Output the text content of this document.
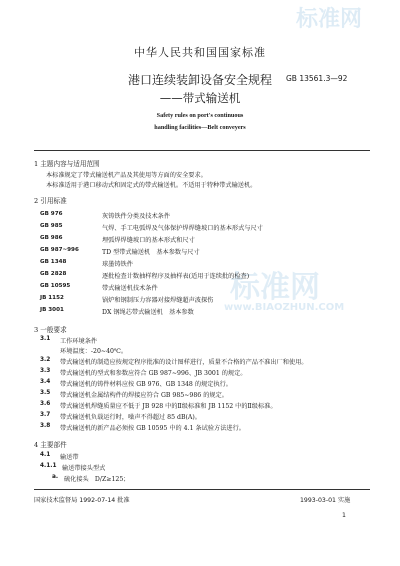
标准网
www.BIAOZHUN.COM
标准网
中华人民共和国国家标准
港口连续装卸设备安全规程	GB 13561.3—92
——带式输送机
Safety rules on port's continuous
handling facilities—Belt conveyers
1 主题内容与适用范围
本标准规定了带式输送机产品及其使用等方面的安全要求。
本标准适用于港口移动式和固定式的带式输送机。不适用于特种带式输送机。
2 引用标准
GB 976	灰铸铁件分类及技术条件
GB 985	气焊、手工电弧焊及气体保护焊焊缝坡口的基本形式与尺寸
GB 986	埋弧焊焊缝坡口的基本形式和尺寸
GB 987~996	TD 型带式输送机　基本参数与尺寸
GB 1348	球墨铸铁件
GB 2828	逐批检查计数抽样程序及抽样表(适用于连续批的检查)
GB 10595	带式输送机技术条件
JB 1152	锅炉和钢制压力容器对接焊缝超声波探伤
JB 3001	DX 钢绳芯带式输送机　基本参数
3 一般要求
3.1 工作环境条件
环境温度：-20~40℃。
3.2 带式输送机的制造应按规定程序批准的设计图样进行，质量不合格的产品不准出厂和使用。
3.3 带式输送机的型式和参数应符合 GB 987~996、JB 3001 的规定。
3.4 带式输送机的铸件材料应按 GB 976、GB 1348 的规定执行。
3.5 带式输送机金属结构件的焊接应符合 GB 985~986 的规定。
3.6 带式输送机焊缝质量应不低于 JB 928 中的Ⅱ级标准和 JB 1152 中的Ⅱ级标准。
3.7 带式输送机负载运行时，噪声不得超过 85 dB(A)。
3.8 带式输送机的新产品必须按 GB 10595 中的 4.1 条试验方法进行。
4 主要部件
4.1 输送带
4.1.1 输送带接头型式
a. 硫化接头　D/Z≥125；
国家技术监督局 1992-07-14 批准	1993-03-01 实施
1
